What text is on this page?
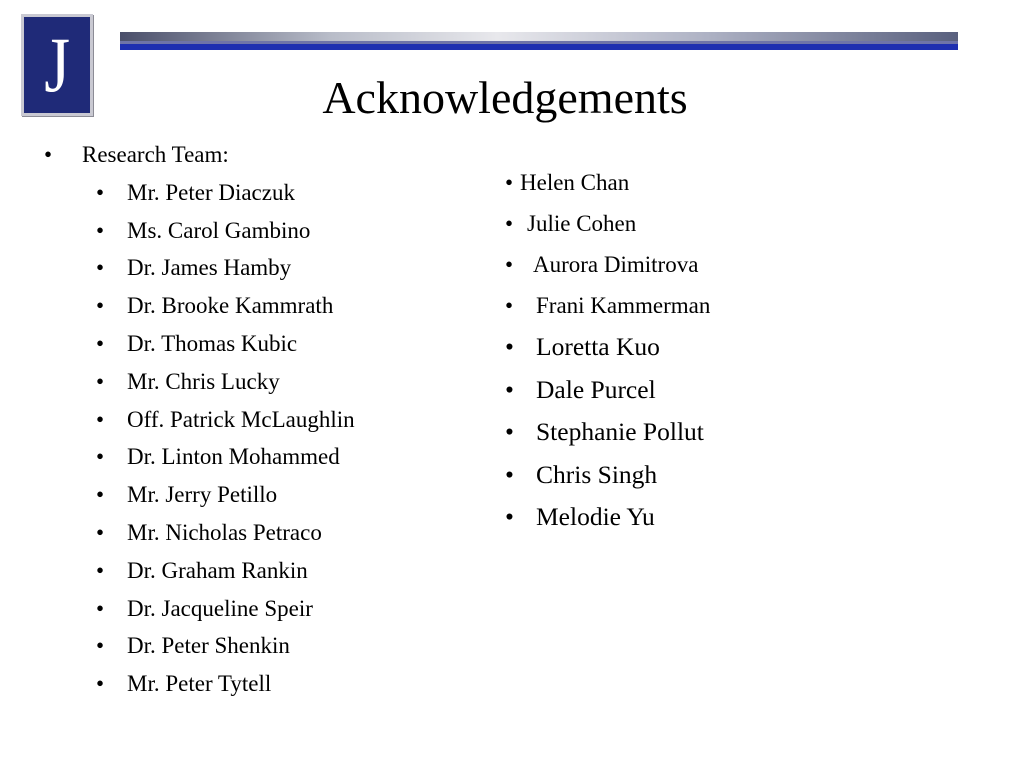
J	Acknowledgements
• Research Team:
• Mr. Peter Diaczuk
• Ms. Carol Gambino
• Dr. James Hamby
• Dr. Brooke Kammrath
• Dr. Thomas Kubic
• Mr. Chris Lucky
• Off. Patrick McLaughlin
• Dr. Linton Mohammed
• Mr. Jerry Petillo
• Mr. Nicholas Petraco
• Dr. Graham Rankin
• Dr. Jacqueline Speir
• Dr. Peter Shenkin
• Mr. Peter Tytell
• Helen Chan
• Julie Cohen
• Aurora Dimitrova
• Frani Kammerman
• Loretta Kuo
• Dale Purcel
• Stephanie Pollut
• Chris Singh
• Melodie Yu
